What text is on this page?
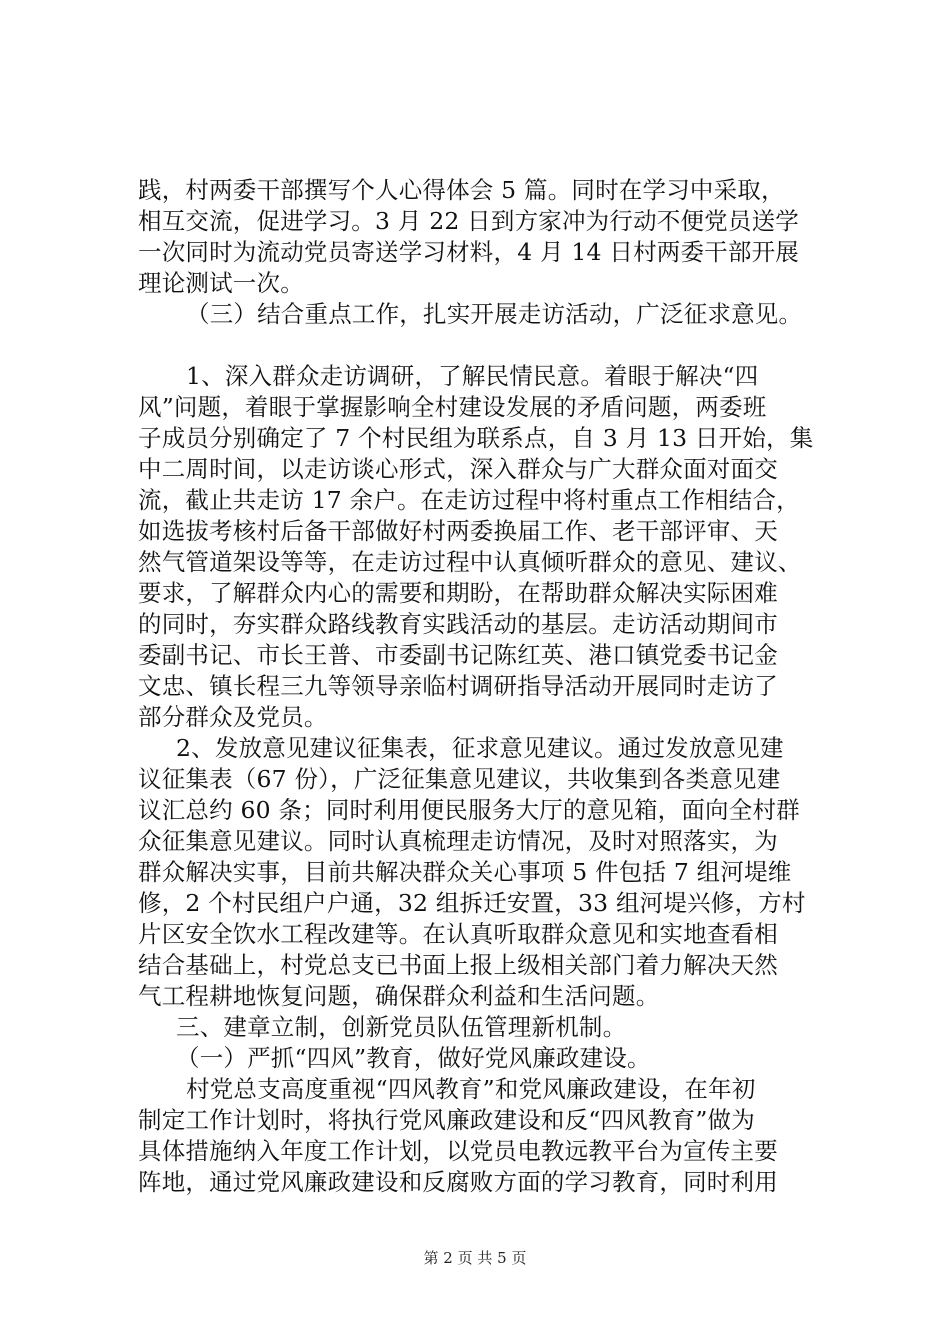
践，村两委干部撰写个人心得体会 5 篇。同时在学习中采取，
相互交流，促进学习。3 月 22 日到方家冲为行动不便党员送学
一次同时为流动党员寄送学习材料，4 月 14 日村两委干部开展
理论测试一次。
（三）结合重点工作，扎实开展走访活动，广泛征求意见。
1、深入群众走访调研，了解民情民意。着眼于解决“四
风”问题，着眼于掌握影响全村建设发展的矛盾问题，两委班
子成员分别确定了 7 个村民组为联系点，自 3 月 13 日开始，集
中二周时间，以走访谈心形式，深入群众与广大群众面对面交
流，截止共走访 17 余户。在走访过程中将村重点工作相结合，
如选拔考核村后备干部做好村两委换届工作、老干部评审、天
然气管道架设等等，在走访过程中认真倾听群众的意见、建议、
要求，了解群众内心的需要和期盼，在帮助群众解决实际困难
的同时，夯实群众路线教育实践活动的基层。走访活动期间市
委副书记、市长王普、市委副书记陈红英、港口镇党委书记金
文忠、镇长程三九等领导亲临村调研指导活动开展同时走访了
部分群众及党员。
2、发放意见建议征集表，征求意见建议。通过发放意见建
议征集表（67 份），广泛征集意见建议，共收集到各类意见建
议汇总约 60 条；同时利用便民服务大厅的意见箱，面向全村群
众征集意见建议。同时认真梳理走访情况，及时对照落实，为
群众解决实事，目前共解决群众关心事项 5 件包括 7 组河堤维
修，2 个村民组户户通，32 组拆迁安置，33 组河堤兴修，方村
片区安全饮水工程改建等。在认真听取群众意见和实地查看相
结合基础上，村党总支已书面上报上级相关部门着力解决天然
气工程耕地恢复问题，确保群众利益和生活问题。
三、建章立制，创新党员队伍管理新机制。
（一）严抓“四风”教育，做好党风廉政建设。
村党总支高度重视“四风教育”和党风廉政建设，在年初
制定工作计划时，将执行党风廉政建设和反“四风教育”做为
具体措施纳入年度工作计划，以党员电教远教平台为宣传主要
阵地，通过党风廉政建设和反腐败方面的学习教育，同时利用
第 2 页 共 5 页
